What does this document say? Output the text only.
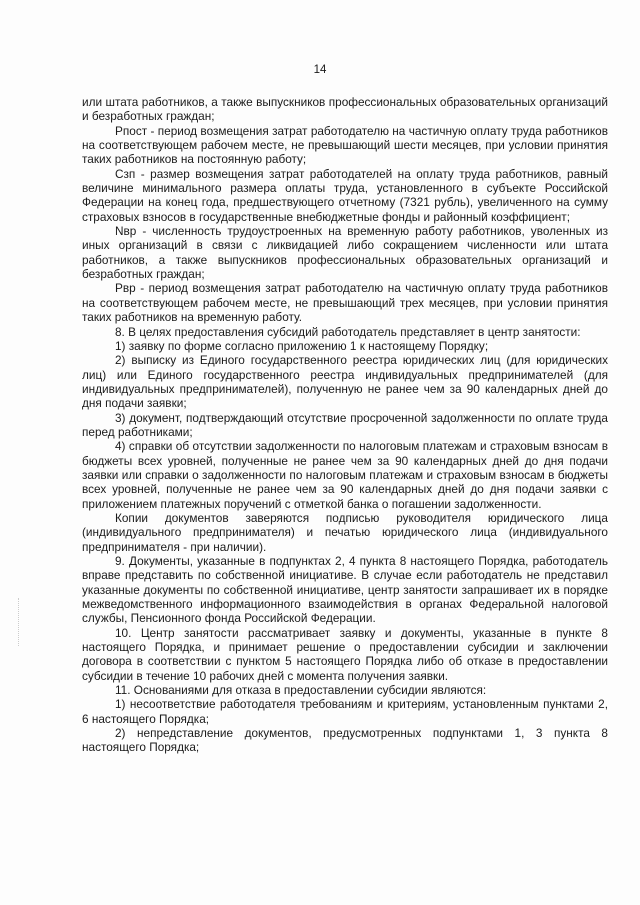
14

или штата работников, а также выпускников профессиональных образовательных организаций и безработных граждан;

Рпост - период возмещения затрат работодателю на частичную оплату труда работников на соответствующем рабочем месте, не превышающий шести месяцев, при условии принятия таких работников на постоянную работу;

Сзп - размер возмещения затрат работодателей на оплату труда работников, равный величине минимального размера оплаты труда, установленного в субъекте Российской Федерации на конец года, предшествующего отчетному (7321 рубль), увеличенного на сумму страховых взносов в государственные внебюджетные фонды и районный коэффициент;

Nвр - численность трудоустроенных на временную работу работников, уволенных из иных организаций в связи с ликвидацией либо сокращением численности или штата работников, а также выпускников профессиональных образовательных организаций и безработных граждан;

Рвр - период возмещения затрат работодателю на частичную оплату труда работников на соответствующем рабочем месте, не превышающий трех месяцев, при условии принятия таких работников на временную работу.

8. В целях предоставления субсидий работодатель представляет в центр занятости:

1) заявку по форме согласно приложению 1 к настоящему Порядку;

2) выписку из Единого государственного реестра юридических лиц (для юридических лиц) или Единого государственного реестра индивидуальных предпринимателей (для индивидуальных предпринимателей), полученную не ранее чем за 90 календарных дней до дня подачи заявки;

3) документ, подтверждающий отсутствие просроченной задолженности по оплате труда перед работниками;

4) справки об отсутствии задолженности по налоговым платежам и страховым взносам в бюджеты всех уровней, полученные не ранее чем за 90 календарных дней до дня подачи заявки или справки о задолженности по налоговым платежам и страховым взносам в бюджеты всех уровней, полученные не ранее чем за 90 календарных дней до дня подачи заявки с приложением платежных поручений с отметкой банка о погашении задолженности.

Копии документов заверяются подписью руководителя юридического лица (индивидуального предпринимателя) и печатью юридического лица (индивидуального предпринимателя - при наличии).

9. Документы, указанные в подпунктах 2, 4 пункта 8 настоящего Порядка, работодатель вправе представить по собственной инициативе. В случае если работодатель не представил указанные документы по собственной инициативе, центр занятости запрашивает их в порядке межведомственного информационного взаимодействия в органах Федеральной налоговой службы, Пенсионного фонда Российской Федерации.

10. Центр занятости рассматривает заявку и документы, указанные в пункте 8 настоящего Порядка, и принимает решение о предоставлении субсидии и заключении договора в соответствии с пунктом 5 настоящего Порядка либо об отказе в предоставлении субсидии в течение 10 рабочих дней с момента получения заявки.

11. Основаниями для отказа в предоставлении субсидии являются:

1) несоответствие работодателя требованиям и критериям, установленным пунктами 2, 6 настоящего Порядка;

2) непредставление документов, предусмотренных подпунктами 1, 3 пункта 8 настоящего Порядка;
